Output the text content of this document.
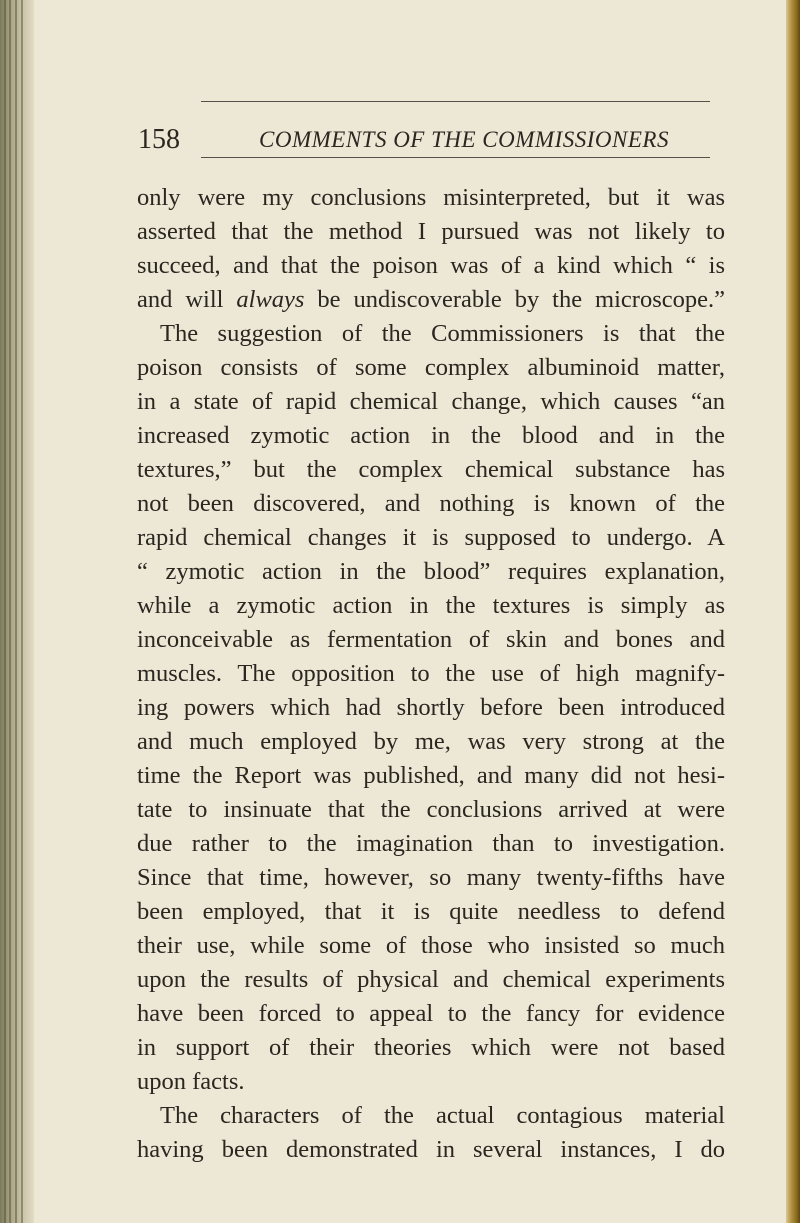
158	COMMENTS OF THE COMMISSIONERS
only were my conclusions misinterpreted, but it was
asserted that the method I pursued was not likely to
succeed, and that the poison was of a kind which “ is
and will always be undiscoverable by the microscope.”
The suggestion of the Commissioners is that the
poison consists of some complex albuminoid matter,
in a state of rapid chemical change, which causes “an
increased zymotic action in the blood and in the
textures,” but the complex chemical substance has
not been discovered, and nothing is known of the
rapid chemical changes it is supposed to undergo. A
“ zymotic action in the blood” requires explanation,
while a zymotic action in the textures is simply as
inconceivable as fermentation of skin and bones and
muscles. The opposition to the use of high magnify-
ing powers which had shortly before been introduced
and much employed by me, was very strong at the
time the Report was published, and many did not hesi-
tate to insinuate that the conclusions arrived at were
due rather to the imagination than to investigation.
Since that time, however, so many twenty-fifths have
been employed, that it is quite needless to defend
their use, while some of those who insisted so much
upon the results of physical and chemical experiments
have been forced to appeal to the fancy for evidence
in support of their theories which were not based
upon facts.
The characters of the actual contagious material
having been demonstrated in several instances, I do
